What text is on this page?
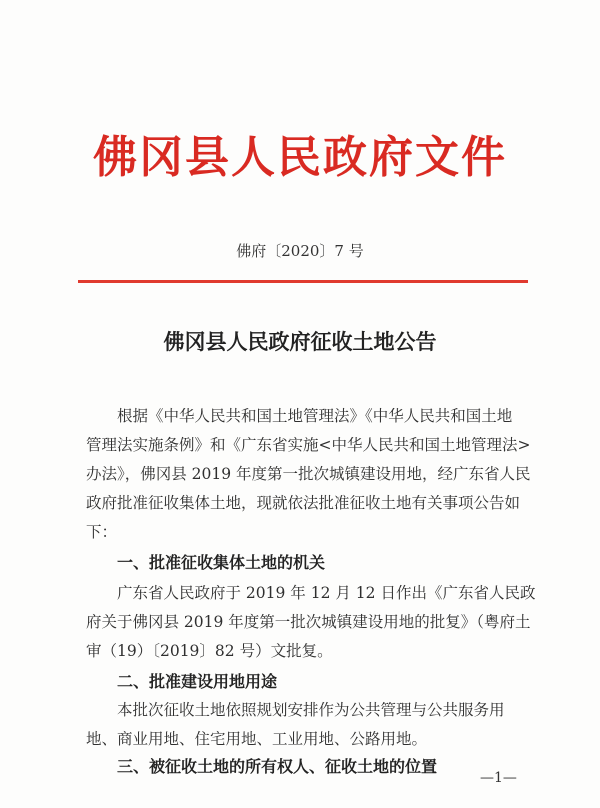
佛冈县人民政府文件
佛府〔2020〕7 号
佛冈县人民政府征收土地公告
根据《中华人民共和国土地管理法》《中华人民共和国土地
管理法实施条例》和《广东省实施<中华人民共和国土地管理法>
办法》，佛冈县 2019 年度第一批次城镇建设用地，经广东省人民
政府批准征收集体土地，现就依法批准征收土地有关事项公告如
下：
一、批准征收集体土地的机关
广东省人民政府于 2019 年 12 月 12 日作出《广东省人民政
府关于佛冈县 2019 年度第一批次城镇建设用地的批复》（粤府土
审（19）〔2019〕82 号）文批复。
二、批准建设用地用途
本批次征收土地依照规划安排作为公共管理与公共服务用
地、商业用地、住宅用地、工业用地、公路用地。
三、被征收土地的所有权人、征收土地的位置
—1—
